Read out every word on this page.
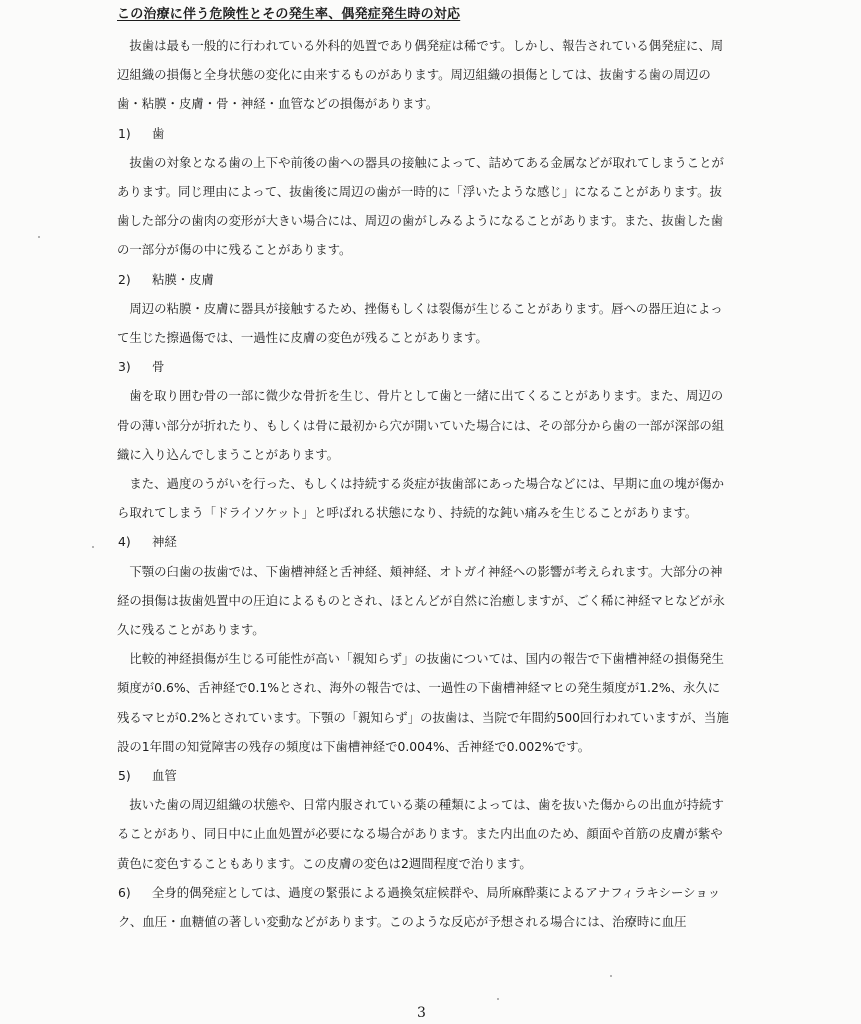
この治療に伴う危険性とその発生率、偶発症発生時の対応

抜歯は最も一般的に行われている外科的処置であり偶発症は稀です。しかし、報告されている偶発症に、周辺組織の損傷と全身状態の変化に由来するものがあります。周辺組織の損傷としては、抜歯する歯の周辺の歯・粘膜・皮膚・骨・神経・血管などの損傷があります。

1) 歯

抜歯の対象となる歯の上下や前後の歯への器具の接触によって、詰めてある金属などが取れてしまうことがあります。同じ理由によって、抜歯後に周辺の歯が一時的に「浮いたような感じ」になることがあります。抜歯した部分の歯肉の変形が大きい場合には、周辺の歯がしみるようになることがあります。また、抜歯した歯の一部分が傷の中に残ることがあります。

2) 粘膜・皮膚

周辺の粘膜・皮膚に器具が接触するため、挫傷もしくは裂傷が生じることがあります。唇への器圧迫によって生じた擦過傷では、一過性に皮膚の変色が残ることがあります。

3) 骨

歯を取り囲む骨の一部に微少な骨折を生じ、骨片として歯と一緒に出てくることがあります。また、周辺の骨の薄い部分が折れたり、もしくは骨に最初から穴が開いていた場合には、その部分から歯の一部が深部の組織に入り込んでしまうことがあります。

また、過度のうがいを行った、もしくは持続する炎症が抜歯部にあった場合などには、早期に血の塊が傷から取れてしまう「ドライソケット」と呼ばれる状態になり、持続的な鈍い痛みを生じることがあります。

4) 神経

下顎の臼歯の抜歯では、下歯槽神経と舌神経、頬神経、オトガイ神経への影響が考えられます。大部分の神経の損傷は抜歯処置中の圧迫によるものとされ、ほとんどが自然に治癒しますが、ごく稀に神経マヒなどが永久に残ることがあります。

比較的神経損傷が生じる可能性が高い「親知らず」の抜歯については、国内の報告で下歯槽神経の損傷発生頻度が0.6%、舌神経で0.1%とされ、海外の報告では、一過性の下歯槽神経マヒの発生頻度が1.2%、永久に残るマヒが0.2%とされています。下顎の「親知らず」の抜歯は、当院で年間約500回行われていますが、当施設の1年間の知覚障害の残存の頻度は下歯槽神経で0.004%、舌神経で0.002%です。

5) 血管

抜いた歯の周辺組織の状態や、日常内服されている薬の種類によっては、歯を抜いた傷からの出血が持続することがあり、同日中に止血処置が必要になる場合があります。また内出血のため、顔面や首筋の皮膚が紫や黄色に変色することもあります。この皮膚の変色は2週間程度で治ります。

6) 全身的偶発症としては、過度の緊張による過換気症候群や、局所麻酔薬によるアナフィラキシーショック、血圧・血糖値の著しい変動などがあります。このような反応が予想される場合には、治療時に血圧

3
